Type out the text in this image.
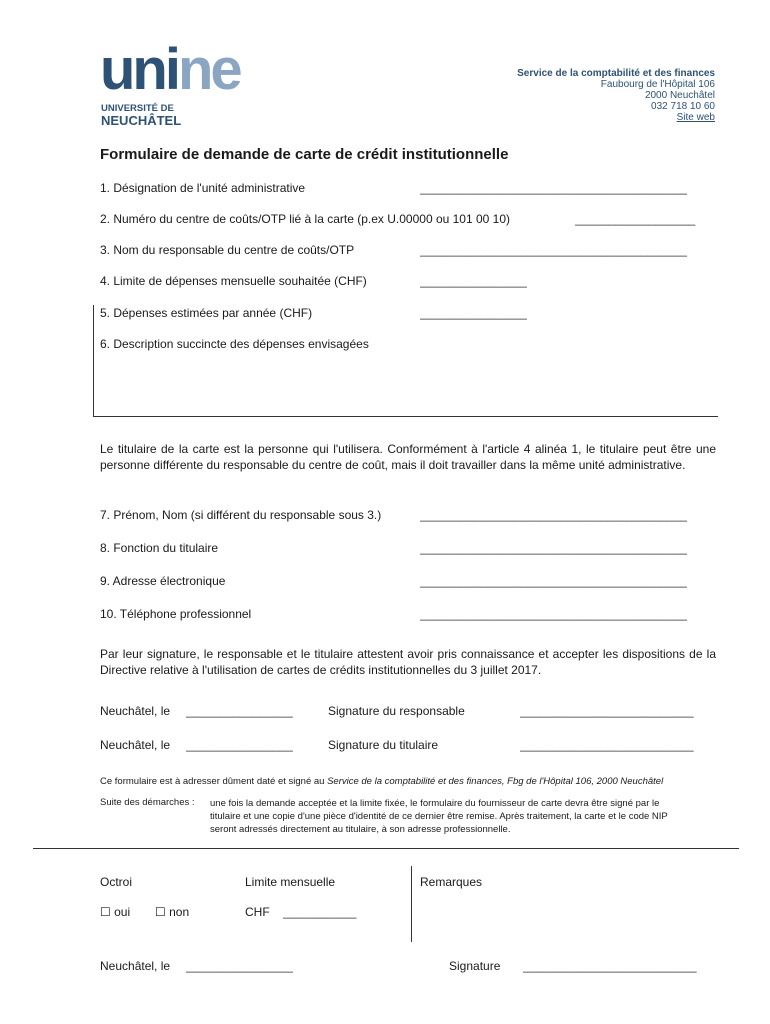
unine
UNIVERSITÉ DE
NEUCHÂTEL
Service de la comptabilité et des finances
Faubourg de l'Hôpital 106
2000 Neuchâtel
032 718 10 60
Site web
Formulaire de demande de carte de crédit institutionnelle
1. Désignation de l'unité administrative	________________________________________
2. Numéro du centre de coûts/OTP lié à la carte (p.ex U.00000 ou 101 00 10)	__________________
3. Nom du responsable du centre de coûts/OTP	________________________________________
4. Limite de dépenses mensuelle souhaitée (CHF)	________________
5. Dépenses estimées par année (CHF)	________________
6. Description succincte des dépenses envisagées
Le titulaire de la carte est la personne qui l'utilisera. Conformément à l'article 4 alinéa 1, le titulaire peut être une personne différente du responsable du centre de coût, mais il doit travailler dans la même unité administrative.
7. Prénom, Nom (si différent du responsable sous 3.)	________________________________________
8. Fonction du titulaire	________________________________________
9. Adresse électronique	________________________________________
10. Téléphone professionnel	________________________________________
Par leur signature, le responsable et le titulaire attestent avoir pris connaissance et accepter les dispositions de la Directive relative à l'utilisation de cartes de crédits institutionnelles du 3 juillet 2017.
Neuchâtel, le ________________	Signature du responsable	__________________________
Neuchâtel, le ________________	Signature du titulaire	__________________________
Ce formulaire est à adresser dûment daté et signé au Service de la comptabilité et des finances, Fbg de l'Hôpital 106, 2000 Neuchâtel
Suite des démarches : une fois la demande acceptée et la limite fixée, le formulaire du fournisseur de carte devra être signé par le
titulaire et une copie d'une pièce d'identité de ce dernier être remise. Après traitement, la carte et le code NIP
seront adressés directement au titulaire, à son adresse professionnelle.
Octroi	Limite mensuelle	Remarques
☐ oui ☐ non	CHF ___________
Neuchâtel, le ________________	Signature __________________________
